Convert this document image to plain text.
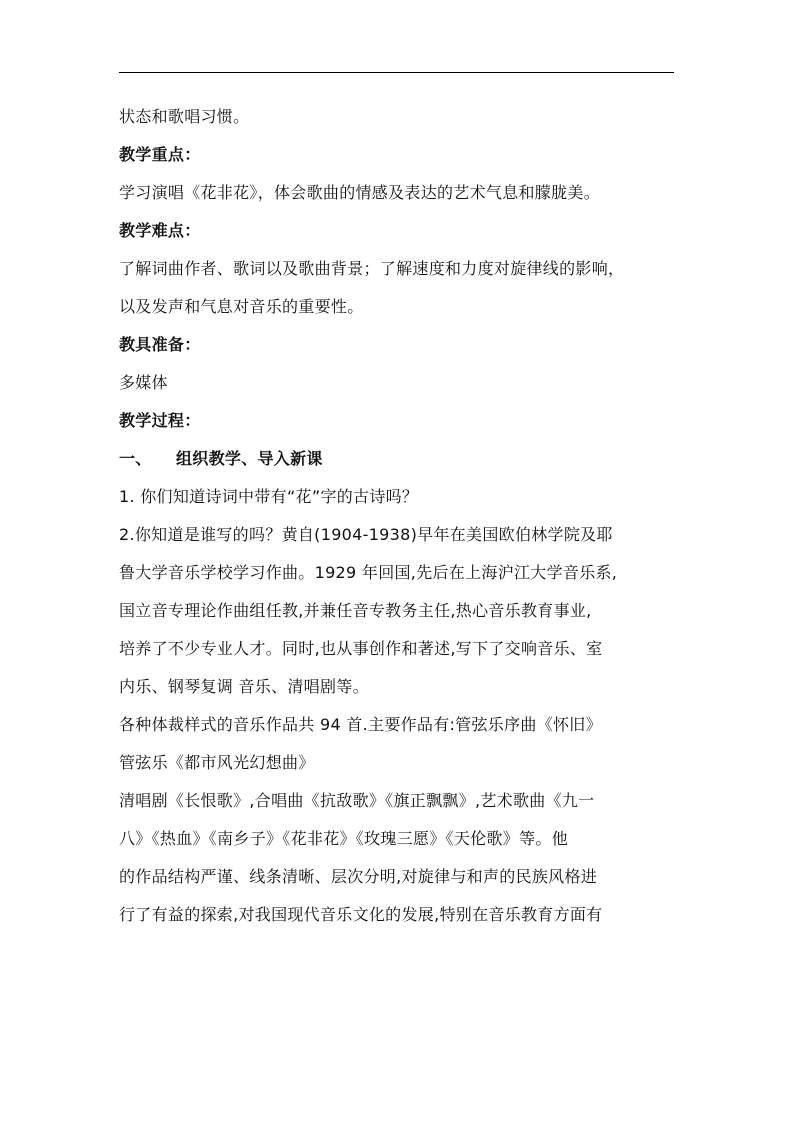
状态和歌唱习惯。
教学重点：
学习演唱《花非花》，体会歌曲的情感及表达的艺术气息和朦胧美。
教学难点：
了解词曲作者、歌词以及歌曲背景；了解速度和力度对旋律线的影响，
以及发声和气息对音乐的重要性。
教具准备：
多媒体
教学过程：
一、 组织教学、导入新课
1. 你们知道诗词中带有“花”字的古诗吗？
2.你知道是谁写的吗？黄自(1904-1938)早年在美国欧伯林学院及耶
鲁大学音乐学校学习作曲。1929 年回国,先后在上海沪江大学音乐系,
国立音专理论作曲组任教,并兼任音专教务主任,热心音乐教育事业,
培养了不少专业人才。同时,也从事创作和著述,写下了交响音乐、室
内乐、钢琴复调 音乐、清唱剧等。
各种体裁样式的音乐作品共 94 首.主要作品有:管弦乐序曲《怀旧》
管弦乐《都市风光幻想曲》
清唱剧《长恨歌》,合唱曲《抗敌歌》《旗正飘飘》,艺术歌曲《九一
八》《热血》《南乡子》《花非花》《玫瑰三愿》《天伦歌》等。他
的作品结构严谨、线条清晰、层次分明,对旋律与和声的民族风格进
行了有益的探索,对我国现代音乐文化的发展,特别在音乐教育方面有
